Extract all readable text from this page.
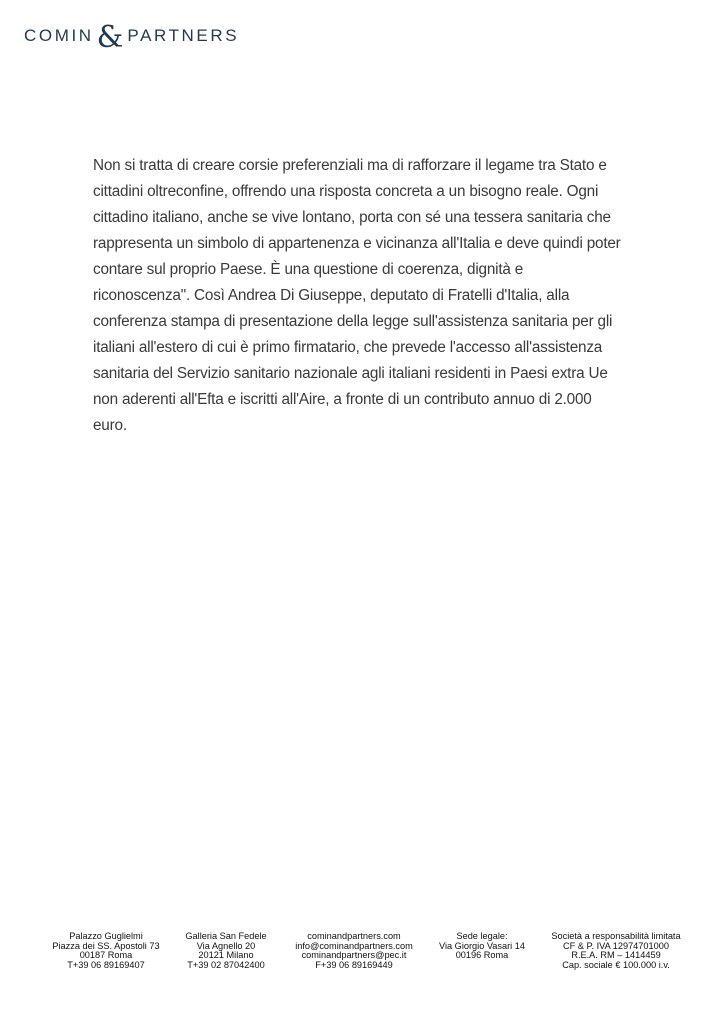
COMIN & PARTNERS

Non si tratta di creare corsie preferenziali ma di rafforzare il legame tra Stato e cittadini oltreconfine, offrendo una risposta concreta a un bisogno reale. Ogni cittadino italiano, anche se vive lontano, porta con sé una tessera sanitaria che rappresenta un simbolo di appartenenza e vicinanza all'Italia e deve quindi poter contare sul proprio Paese. È una questione di coerenza, dignità e riconoscenza". Così Andrea Di Giuseppe, deputato di Fratelli d'Italia, alla conferenza stampa di presentazione della legge sull'assistenza sanitaria per gli italiani all'estero di cui è primo firmatario, che prevede l'accesso all'assistenza sanitaria del Servizio sanitario nazionale agli italiani residenti in Paesi extra Ue non aderenti all'Efta e iscritti all'Aire, a fronte di un contributo annuo di 2.000 euro.

Palazzo Guglielmi
Piazza dei SS. Apostoli 73
00187 Roma
T+39 06 89169407
Galleria San Fedele
Via Agnello 20
20121 Milano
T+39 02 87042400
cominandpartners.com
info@cominandpartners.com
cominandpartners@pec.it
F+39 06 89169449
Sede legale:
Via Giorgio Vasari 14
00196 Roma
Società a responsabilità limitata
CF & P. IVA 12974701000
R.E.A. RM – 1414459
Cap. sociale € 100.000 i.v.
